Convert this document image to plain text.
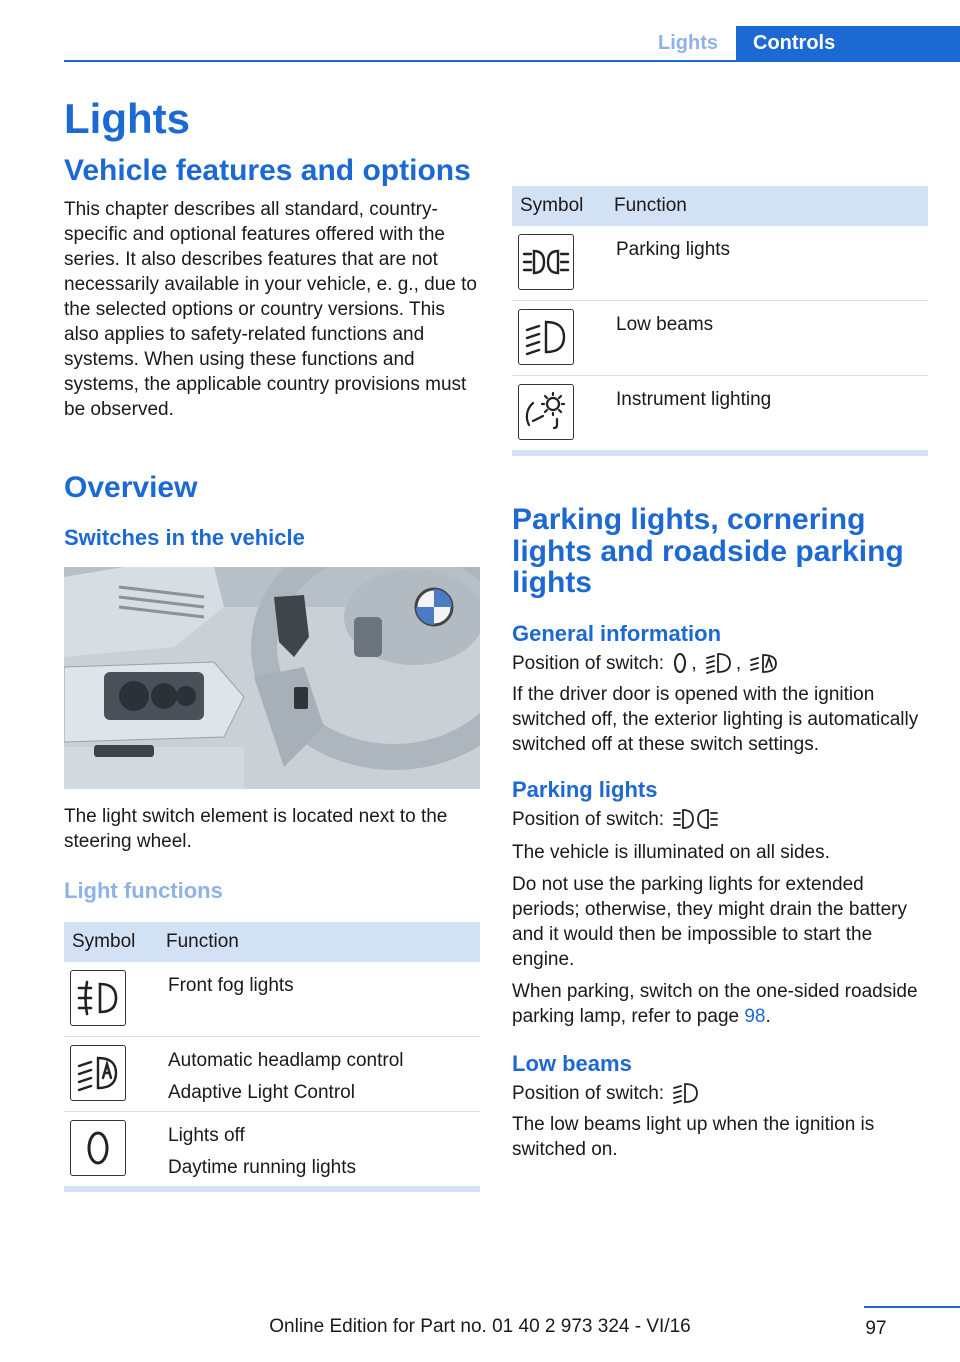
Lights	Controls
Lights
Vehicle features and options

This chapter describes all standard, country-specific and optional features offered with the series. It also describes features that are not necessarily available in your vehicle, e. g., due to the selected options or country versions. This also applies to safety-related functions and systems. When using these functions and systems, the applicable country provisions must be observed.

Overview
Switches in the vehicle

The light switch element is located next to the steering wheel.

Light functions
Symbol	Function

Front fog lights

Automatic headlamp control
Adaptive Light Control

Lights off
Daytime running lights
Symbol	Function

Parking lights

Low beams

Instrument lighting
Parking lights, cornering lights and roadside parking lights
General information

Position of switch: , ,

If the driver door is opened with the ignition switched off, the exterior lighting is automatically switched off at these switch settings.

Parking lights

Position of switch:

The vehicle is illuminated on all sides.

Do not use the parking lights for extended periods; otherwise, they might drain the battery and it would then be impossible to start the engine.

When parking, switch on the one-sided roadside parking lamp, refer to page 98.

Low beams

Position of switch:

The low beams light up when the ignition is switched on.

97
Online Edition for Part no. 01 40 2 973 324 - VI/16
